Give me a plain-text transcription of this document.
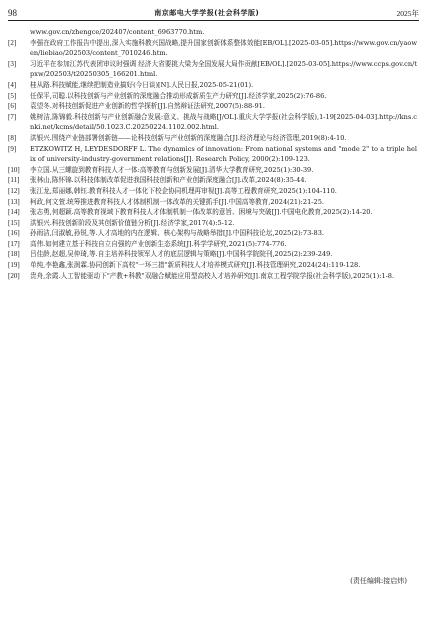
98	南京邮电大学学报(社会科学版)	2025年
www.gov.cn/zhengce/202407/content_6963770.htm.
[2]	李强在政府工作报告中提出,深入实施科教兴国战略,提升国家创新体系整体效能[EB/OL].[2025-03-05].https://www.gov.cn/yaowen/liebiao/202503/content_7010246.htm.
[3]	习近平在参加江苏代表团审议时强调 经济大省要挑大梁为全国发展大局作贡献[EB/OL].[2025-03-05].https://www.ccps.gov.cn/tpxw/202503/t20250305_166201.html.
[4]	桂从路.科技赋能,继续把制造业搞好(今日谈)[N].人民日报,2025-05-21(01).
[5]	任保平,司聪.以科技创新与产业创新的深度融合推动形成新质生产力研究[J].经济学家,2025(2):76-86.
[6]	袁望冬.对科技创新促进产业创新的哲学探析[J].自然辩证法研究,2007(5):88-91.
[7]	姚树洁,陈锦毅.科技创新与产业创新融合发展:意义、挑战与战略[J/OL].重庆大学学报(社会科学版),1-19[2025-04-03].http://kns.cnki.net/kcms/detail/50.1023.C.20250224.1102.002.html.
[8]	洪银兴.围绕产业链部署创新链——论科技创新与产业创新的深度融合[J].经济理论与经济管理,2019(8):4-10.
[9]	ETZKOWITZ H, LEYDESDORFF L. The dynamics of innovation: From national systems and "mode 2" to a triple helix of university-industry-government relations[J]. Research Policy, 2000(2):109-123.
[10]	李立国.从三螺旋到教育科技人才一体:高等教育与创新发展[J].清华大学教育研究,2025(1):30-39.
[11]	张林山,陈怀锦.以科技体制改革促进我国科技创新和产业创新深度融合[J].改革,2024(8):35-44.
[12]	张江龙,郑丽娜,韩钰.教育科技人才一体化下校企协同机理再审视[J].高等工程教育研究,2025(1):104-110.
[13]	柯政,何文萱.统筹推进教育科技人才体制机制一体改革的关键抓手[J].中国高等教育,2024(21):21-25.
[14]	张志勇,何超颖.高等教育视域下教育科技人才体制机制一体改革的意旨、困境与突破[J].中国电化教育,2025(2):14-20.
[15]	洪银兴.科技创新阶段及其创新价值链分析[J].经济学家,2017(4):5-12.
[16]	孙雨洁,闫淑敏,孙锐,等.人才高地的内在逻辑、核心架构与战略举措[J].中国科技论坛,2025(2):73-83.
[17]	高伟.如何建立基于科技自立自强的产业创新生态系统[J].科学学研究,2021(5):774-776.
[18]	吕佳龄,赵超,吴仲琦,等.自主培养科技领军人才的底层逻辑与策略[J].中国科学院院刊,2025(2):239-249.
[19]	单纯,李艳鑫,张润霖.协同创新下高校"一环三措"新质科技人才培养模式研究[J].科技管理研究,2024(24):119-128.
[20]	贵舟,余霞.人工智能驱动下"产教+科教"双融合赋能应用型高校人才培养研究[J].南京工程学院学报(社会科学版),2025(1):1-8.
(责任编辑:接启炜)
